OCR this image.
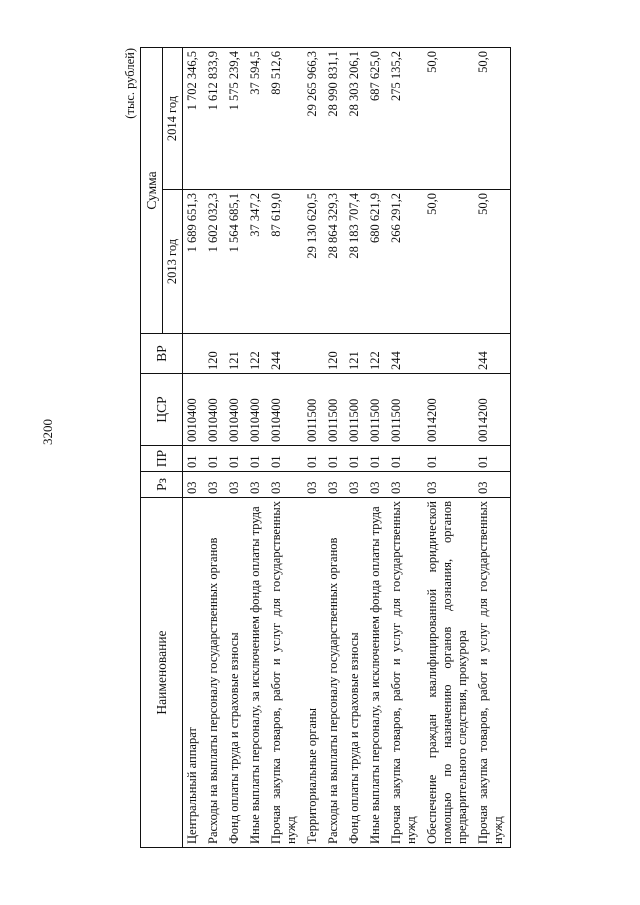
3200
(тыс. рублей)
Наименование	Рз	ПР	ЦСР	ВР	Сумма	
					2013 год	2014 год
Центральный аппарат	03	01	0010400		1 689 651,3	1 702 346,5
Расходы на выплаты персоналу государственных органов	03	01	0010400	120	1 602 032,3	1 612 833,9
Фонд оплаты труда и страховые взносы	03	01	0010400	121	1 564 685,1	1 575 239,4
Иные выплаты персоналу, за исключением фонда оплаты труда	03	01	0010400	122	37 347,2	37 594,5
Прочая закупка товаров, работ и услуг для государственных нужд	03	01	0010400	244	87 619,0	89 512,6
Территориальные органы	03	01	0011500		29 130 620,5	29 265 966,3
Расходы на выплаты персоналу государственных органов	03	01	0011500	120	28 864 329,3	28 990 831,1
Фонд оплаты труда и страховые взносы	03	01	0011500	121	28 183 707,4	28 303 206,1
Иные выплаты персоналу, за исключением фонда оплаты труда	03	01	0011500	122	680 621,9	687 625,0
Прочая закупка товаров, работ и услуг для государственных нужд	03	01	0011500	244	266 291,2	275 135,2
Обеспечение граждан квалифицированной юридической помощью по назначению органов дознания, органов предварительного следствия, прокурора	03	01	0014200		50,0	50,0
Прочая закупка товаров, работ и услуг для государственных нужд	03	01	0014200	244	50,0	50,0
